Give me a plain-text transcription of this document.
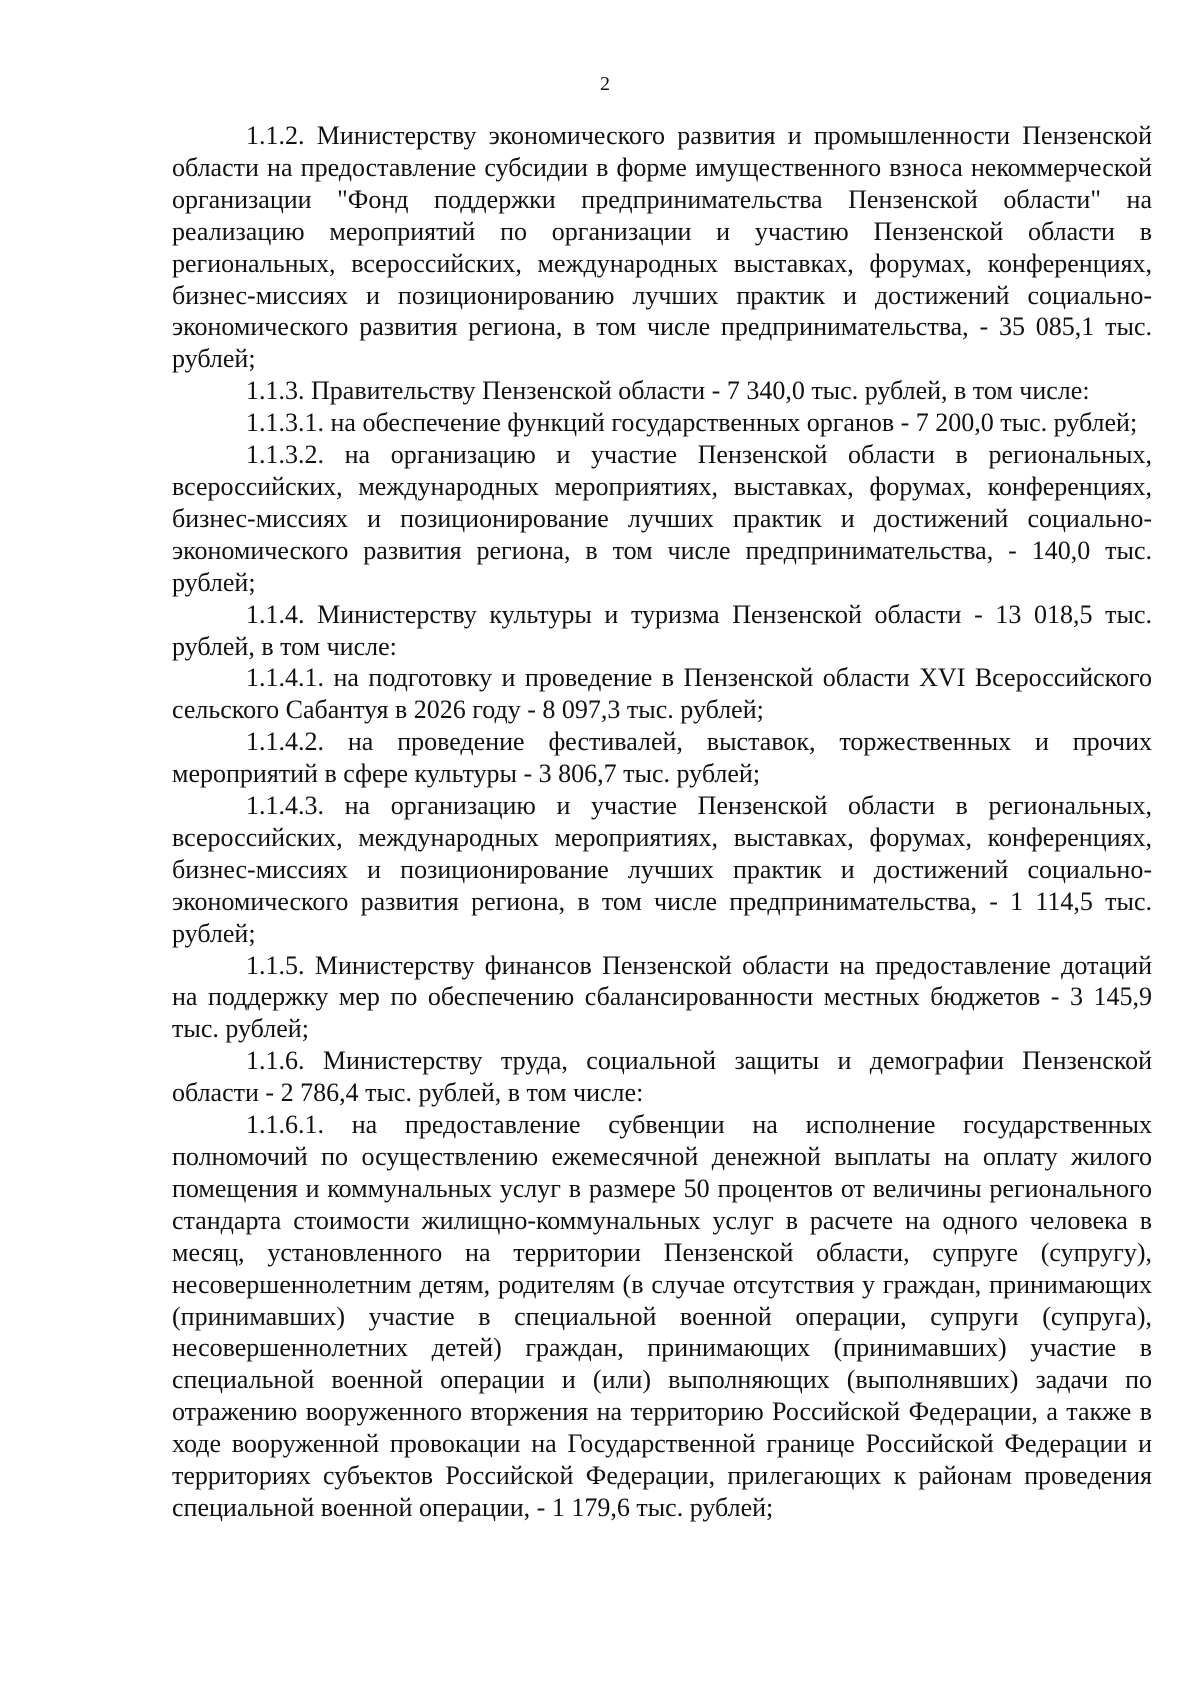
2

1.1.2. Министерству экономического развития и промышленности Пензенской области на предоставление субсидии в форме имущественного взноса некоммерческой организации "Фонд поддержки предпринимательства Пензенской области" на реализацию мероприятий по организации и участию Пензенской области в региональных, всероссийских, международных выставках, форумах, конференциях, бизнес-миссиях и позиционированию лучших практик и достижений социально-экономического развития региона, в том числе предпринимательства, - 35 085,1 тыс. рублей;

1.1.3. Правительству Пензенской области - 7 340,0 тыс. рублей, в том числе:

1.1.3.1. на обеспечение функций государственных органов - 7 200,0 тыс. рублей;

1.1.3.2. на организацию и участие Пензенской области в региональных, всероссийских, международных мероприятиях, выставках, форумах, конференциях, бизнес-миссиях и позиционирование лучших практик и достижений социально-экономического развития региона, в том числе предпринимательства, - 140,0 тыс. рублей;

1.1.4. Министерству культуры и туризма Пензенской области - 13 018,5 тыс. рублей, в том числе:

1.1.4.1. на подготовку и проведение в Пензенской области XVI Всероссийского сельского Сабантуя в 2026 году - 8 097,3 тыс. рублей;

1.1.4.2. на проведение фестивалей, выставок, торжественных и прочих мероприятий в сфере культуры - 3 806,7 тыс. рублей;

1.1.4.3. на организацию и участие Пензенской области в региональных, всероссийских, международных мероприятиях, выставках, форумах, конференциях, бизнес-миссиях и позиционирование лучших практик и достижений социально-экономического развития региона, в том числе предпринимательства, - 1 114,5 тыс. рублей;

1.1.5. Министерству финансов Пензенской области на предоставление дотаций на поддержку мер по обеспечению сбалансированности местных бюджетов - 3 145,9 тыс. рублей;

1.1.6. Министерству труда, социальной защиты и демографии Пензенской области - 2 786,4 тыс. рублей, в том числе:

1.1.6.1. на предоставление субвенции на исполнение государственных полномочий по осуществлению ежемесячной денежной выплаты на оплату жилого помещения и коммунальных услуг в размере 50 процентов от величины регионального стандарта стоимости жилищно-коммунальных услуг в расчете на одного человека в месяц, установленного на территории Пензенской области, супруге (супругу), несовершеннолетним детям, родителям (в случае отсутствия у граждан, принимающих (принимавших) участие в специальной военной операции, супруги (супруга), несовершеннолетних детей) граждан, принимающих (принимавших) участие в специальной военной операции и (или) выполняющих (выполнявших) задачи по отражению вооруженного вторжения на территорию Российской Федерации, а также в ходе вооруженной провокации на Государственной границе Российской Федерации и территориях субъектов Российской Федерации, прилегающих к районам проведения специальной военной операции, - 1 179,6 тыс. рублей;
